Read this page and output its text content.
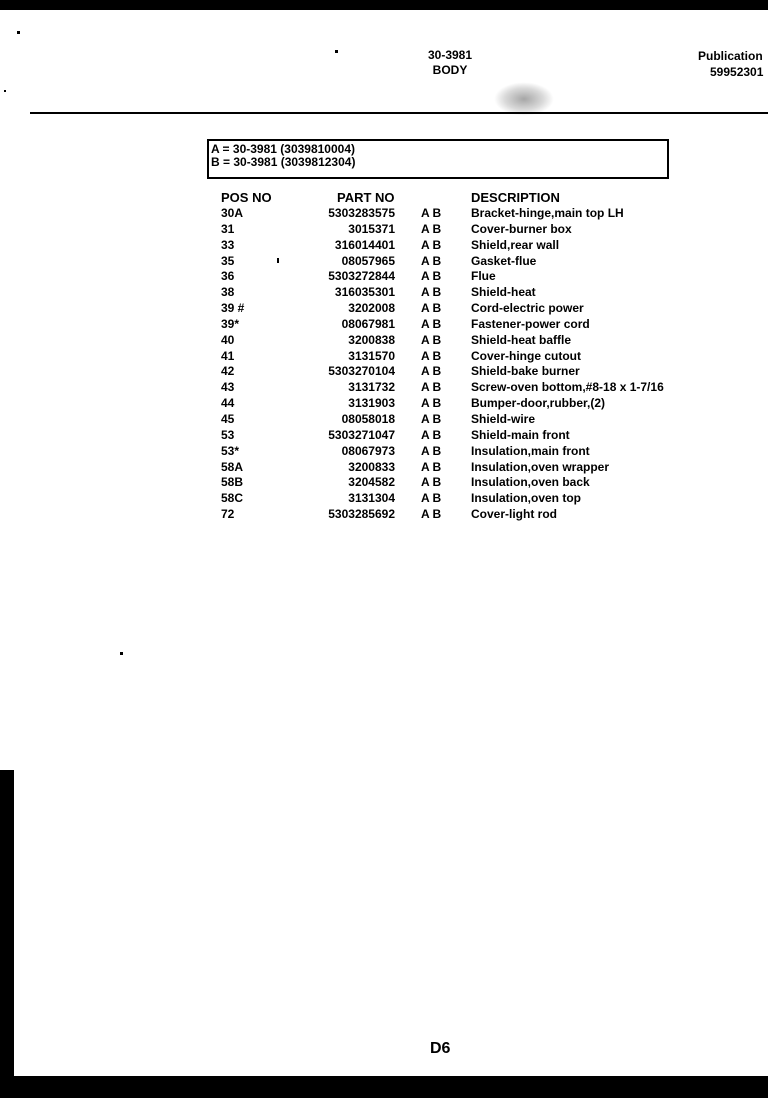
30-3981
BODY
Publication
59952301
A = 30-3981 (3039810004)
B = 30-3981 (3039812304)
POS NO	PART NO	DESCRIPTION
30A	5303283575 A B Bracket-hinge,main top LH
31	3015371 A B Cover-burner box
33	316014401 A B Shield,rear wall
35	08057965 A B Gasket-flue
36	5303272844 A B Flue
38	316035301 A B Shield-heat
39 #	3202008 A B Cord-electric power
39*	08067981 A B Fastener-power cord
40	3200838 A B Shield-heat baffle
41	3131570 A B Cover-hinge cutout
42	5303270104 A B Shield-bake burner
43	3131732 A B Screw-oven bottom,#8-18 x 1-7/16
44	3131903 A B Bumper-door,rubber,(2)
45	08058018 A B Shield-wire
53	5303271047 A B Shield-main front
53*	08067973 A B Insulation,main front
58A	3200833 A B Insulation,oven wrapper
58B	3204582 A B Insulation,oven back
58C	3131304 A B Insulation,oven top
72	5303285692 A B Cover-light rod
D6
